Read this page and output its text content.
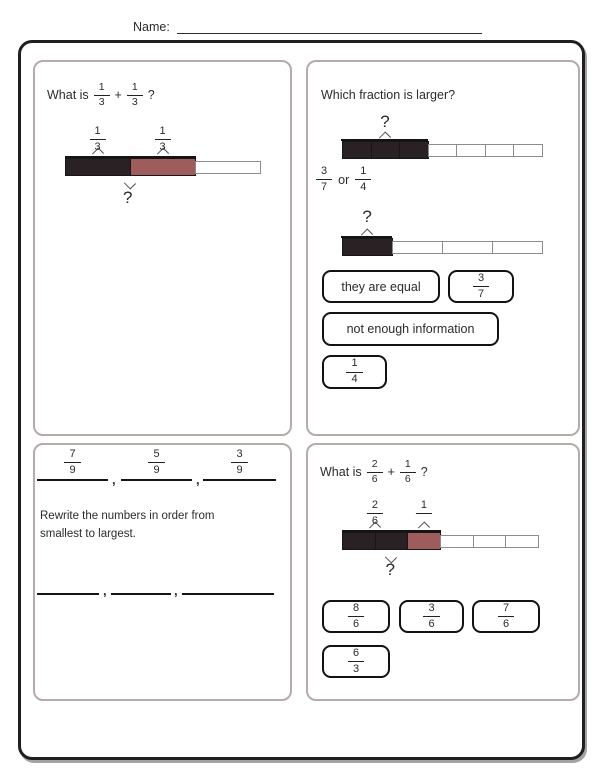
Name:
What is $\frac{1}{3} + \frac{1}{3}$ ?
$\frac{1}{3}$	$\frac{1}{3}$
?
Which fraction is larger?
?
$\frac{3}{7}$ or $\frac{1}{4}$
?
they are equal	$\frac{3}{7}$
not enough information
$\frac{1}{4}$
$\frac{7}{9}$
,
$\frac{5}{9}$
,
$\frac{3}{9}$
Rewrite the numbers in order from
smallest to largest.
,	,
What is $\frac{2}{6} + \frac{1}{6}$ ?
$\frac{2}{6}$	1
?
$\frac{8}{6}$	$\frac{3}{6}$	$\frac{7}{6}$
$\frac{6}{3}$
